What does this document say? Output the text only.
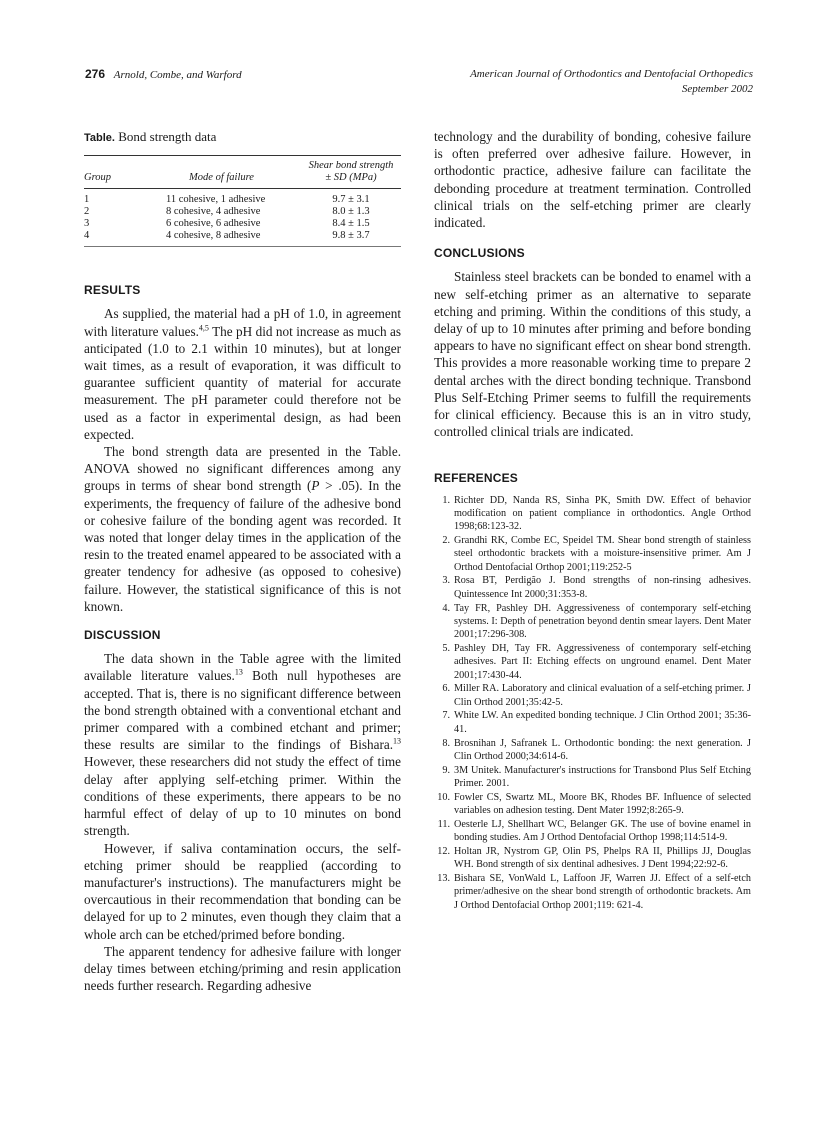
276 Arnold, Combe, and Warford	American Journal of Orthodontics and Dentofacial Orthopedics
September 2002
Table. Bond strength data
Group	Mode of failure	Shear bond strength
± SD (MPa)

1	11 cohesive, 1 adhesive	9.7 ± 3.1
2	8 cohesive, 4 adhesive	8.0 ± 1.3
3	6 cohesive, 6 adhesive	8.4 ± 1.5
4	4 cohesive, 8 adhesive	9.8 ± 3.7
RESULTS

As supplied, the material had a pH of 1.0, in agreement with literature values.$^{4,5}$ The pH did not increase as much as anticipated (1.0 to 2.1 within 10 minutes), but at longer wait times, as a result of evaporation, it was difficult to guarantee sufficient quantity of material for accurate measurement. The pH parameter could therefore not be used as a factor in experimental design, as had been expected.

The bond strength data are presented in the Table. ANOVA showed no significant differences among any groups in terms of shear bond strength (P > .05). In the experiments, the frequency of failure of the adhesive bond or cohesive failure of the bonding agent was recorded. It was noted that longer delay times in the application of the resin to the treated enamel appeared to be associated with a greater tendency for adhesive (as opposed to cohesive) failure. However, the statistical significance of this is not known.

DISCUSSION

The data shown in the Table agree with the limited available literature values.$^{13}$ Both null hypotheses are accepted. That is, there is no significant difference between the bond strength obtained with a conventional etchant and primer compared with a combined etchant and primer; these results are similar to the findings of Bishara.$^{13}$ However, these researchers did not study the effect of time delay after applying self-etching primer. Within the conditions of these experiments, there appears to be no harmful effect of delay of up to 10 minutes on bond strength.

However, if saliva contamination occurs, the self-etching primer should be reapplied (according to manufacturer's instructions). The manufacturers might be overcautious in their recommendation that bonding can be delayed for up to 2 minutes, even though they claim that a whole arch can be etched/primed before bonding.

The apparent tendency for adhesive failure with longer delay times between etching/priming and resin application needs further research. Regarding adhesive

technology and the durability of bonding, cohesive failure is often preferred over adhesive failure. However, in orthodontic practice, adhesive failure can facilitate the debonding procedure at treatment termination. Controlled clinical trials on the self-etching primer are clearly indicated.

CONCLUSIONS

Stainless steel brackets can be bonded to enamel with a new self-etching primer as an alternative to separate etching and priming. Within the conditions of this study, a delay of up to 10 minutes after priming and before bonding appears to have no significant effect on shear bond strength. This provides a more reasonable working time to prepare 2 dental arches with the direct bonding technique. Transbond Plus Self-Etching Primer seems to fulfill the requirements for clinical efficiency. Because this is an in vitro study, controlled clinical trials are indicated.

REFERENCES
1. Richter DD, Nanda RS, Sinha PK, Smith DW. Effect of behavior modification on patient compliance in orthodontics. Angle Orthod 1998;68:123-32.
2. Grandhi RK, Combe EC, Speidel TM. Shear bond strength of stainless steel orthodontic brackets with a moisture-insensitive primer. Am J Orthod Dentofacial Orthop 2001;119:252-5
3. Rosa BT, Perdigão J. Bond strengths of non-rinsing adhesives. Quintessence Int 2000;31:353-8.
4. Tay FR, Pashley DH. Aggressiveness of contemporary self-etching systems. I: Depth of penetration beyond dentin smear layers. Dent Mater 2001;17:296-308.
5. Pashley DH, Tay FR. Aggressiveness of contemporary self-etching adhesives. Part II: Etching effects on unground enamel. Dent Mater 2001;17:430-44.
6. Miller RA. Laboratory and clinical evaluation of a self-etching primer. J Clin Orthod 2001;35:42-5.
7. White LW. An expedited bonding technique. J Clin Orthod 2001; 35:36-41.
8. Brosnihan J, Safranek L. Orthodontic bonding: the next generation. J Clin Orthod 2000;34:614-6.
9. 3M Unitek. Manufacturer's instructions for Transbond Plus Self Etching Primer. 2001.
10. Fowler CS, Swartz ML, Moore BK, Rhodes BF. Influence of selected variables on adhesion testing. Dent Mater 1992;8:265-9.
11. Oesterle LJ, Shellhart WC, Belanger GK. The use of bovine enamel in bonding studies. Am J Orthod Dentofacial Orthop 1998;114:514-9.
12. Holtan JR, Nystrom GP, Olin PS, Phelps RA II, Phillips JJ, Douglas WH. Bond strength of six dentinal adhesives. J Dent 1994;22:92-6.
13. Bishara SE, VonWald L, Laffoon JF, Warren JJ. Effect of a self-etch primer/adhesive on the shear bond strength of orthodontic brackets. Am J Orthod Dentofacial Orthop 2001;119: 621-4.
